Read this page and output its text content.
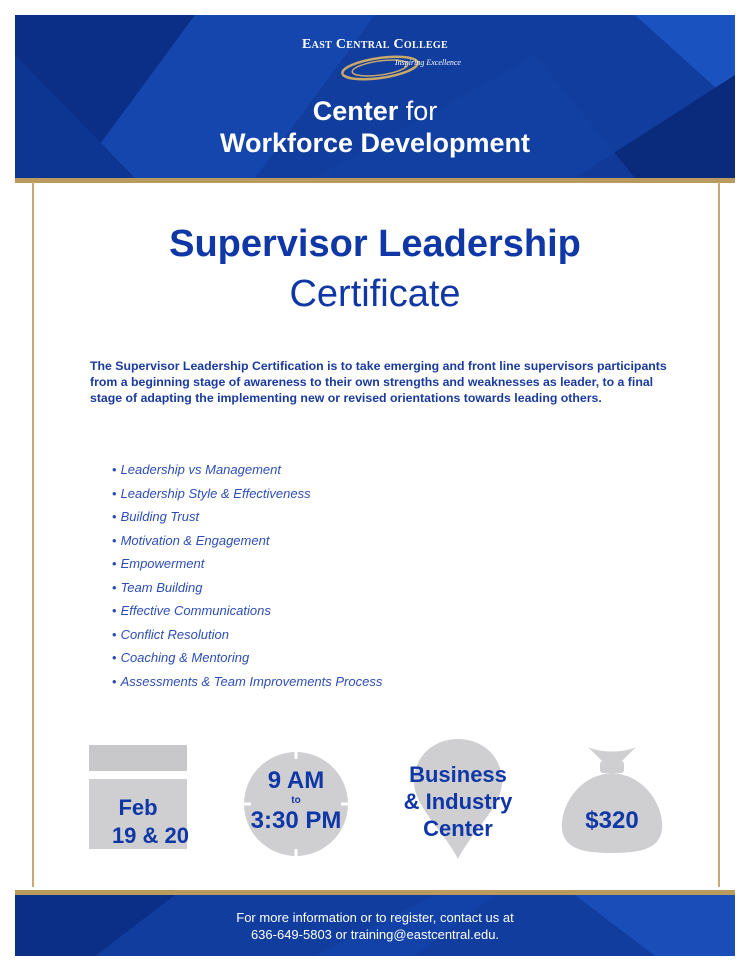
East Central College
Inspiring Excellence
Center for
Workforce Development
Supervisor Leadership
Certificate
The Supervisor Leadership Certification is to take emerging and front line supervisors participants from a beginning stage of awareness to their own strengths and weaknesses as leader, to a final stage of adapting the implementing new or revised orientations towards leading others.
• Leadership vs Management
• Leadership Style & Effectiveness
• Building Trust
• Motivation & Engagement
• Empowerment
• Team Building
• Effective Communications
• Conflict Resolution
• Coaching & Mentoring
• Assessments & Team Improvements Process
Feb
19 & 20
9 AM
to
3:30 PM
Business
& Industry
Center	$320
For more information or to register, contact us at
636-649-5803 or training@eastcentral.edu.
